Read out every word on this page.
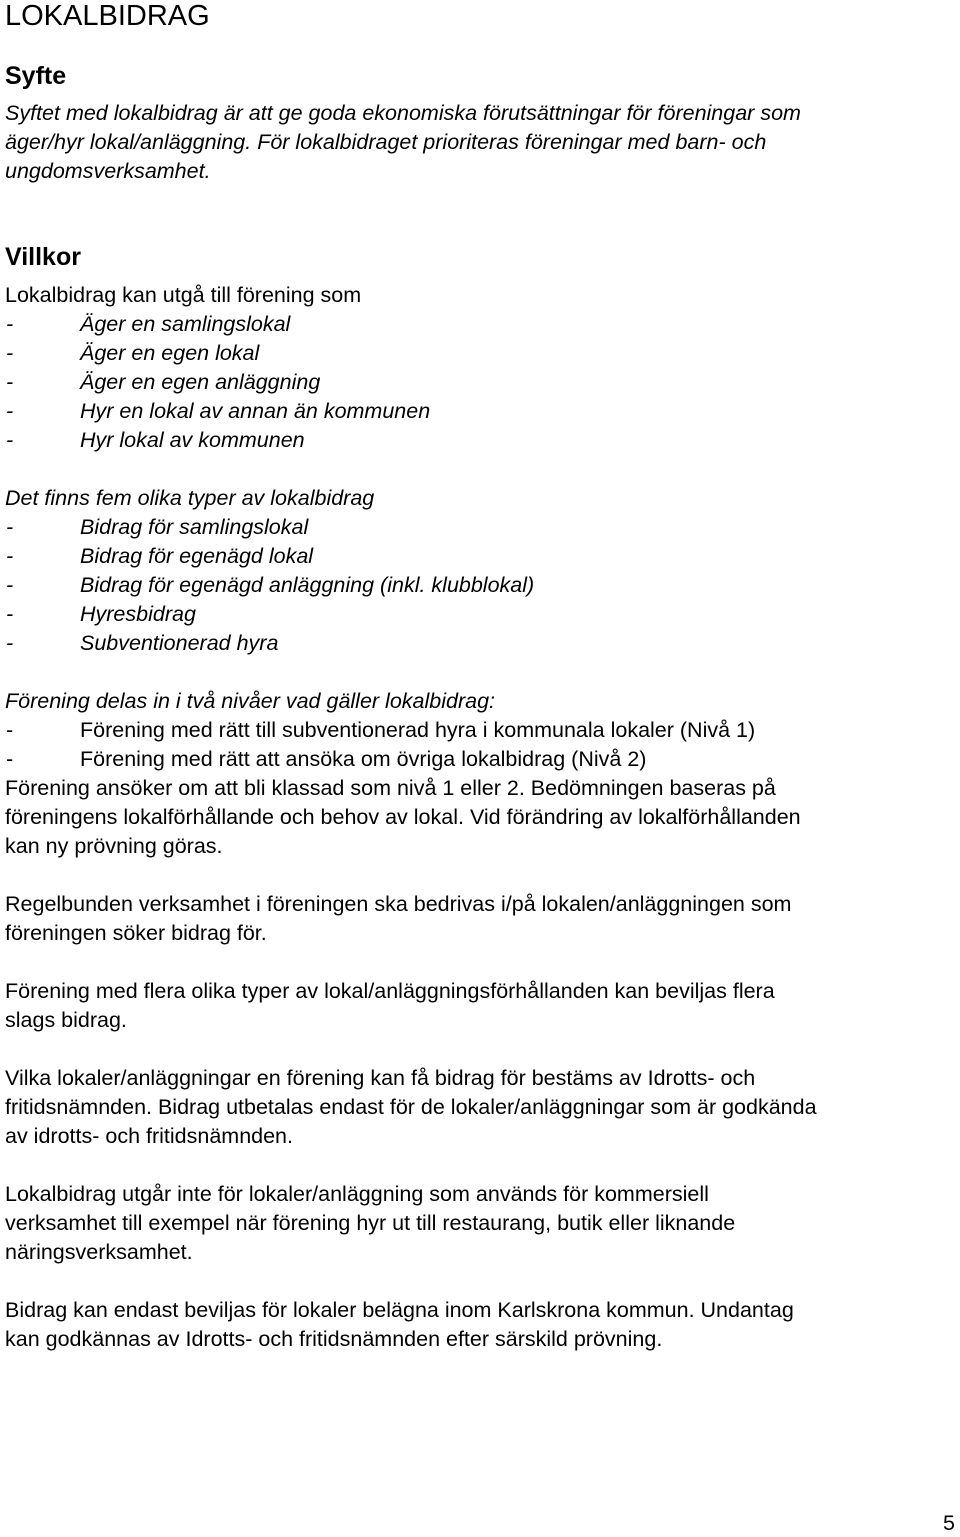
LOKALBIDRAG
Syfte
Syftet med lokalbidrag är att ge goda ekonomiska förutsättningar för föreningar som
äger/hyr lokal/anläggning. För lokalbidraget prioriteras föreningar med barn- och
ungdomsverksamhet.
Villkor
Lokalbidrag kan utgå till förening som
-	Äger en samlingslokal
-	Äger en egen lokal
-	Äger en egen anläggning
-	Hyr en lokal av annan än kommunen
-	Hyr lokal av kommunen
Det finns fem olika typer av lokalbidrag
-	Bidrag för samlingslokal
-	Bidrag för egenägd lokal
-	Bidrag för egenägd anläggning (inkl. klubblokal)
-	Hyresbidrag
-	Subventionerad hyra
Förening delas in i två nivåer vad gäller lokalbidrag:
-	Förening med rätt till subventionerad hyra i kommunala lokaler (Nivå 1)
-	Förening med rätt att ansöka om övriga lokalbidrag (Nivå 2)
Förening ansöker om att bli klassad som nivå 1 eller 2. Bedömningen baseras på
föreningens lokalförhållande och behov av lokal. Vid förändring av lokalförhållanden
kan ny prövning göras.
Regelbunden verksamhet i föreningen ska bedrivas i/på lokalen/anläggningen som
föreningen söker bidrag för.
Förening med flera olika typer av lokal/anläggningsförhållanden kan beviljas flera
slags bidrag.
Vilka lokaler/anläggningar en förening kan få bidrag för bestäms av Idrotts- och
fritidsnämnden. Bidrag utbetalas endast för de lokaler/anläggningar som är godkända
av idrotts- och fritidsnämnden.
Lokalbidrag utgår inte för lokaler/anläggning som används för kommersiell
verksamhet till exempel när förening hyr ut till restaurang, butik eller liknande
näringsverksamhet.
Bidrag kan endast beviljas för lokaler belägna inom Karlskrona kommun. Undantag
kan godkännas av Idrotts- och fritidsnämnden efter särskild prövning.
5
